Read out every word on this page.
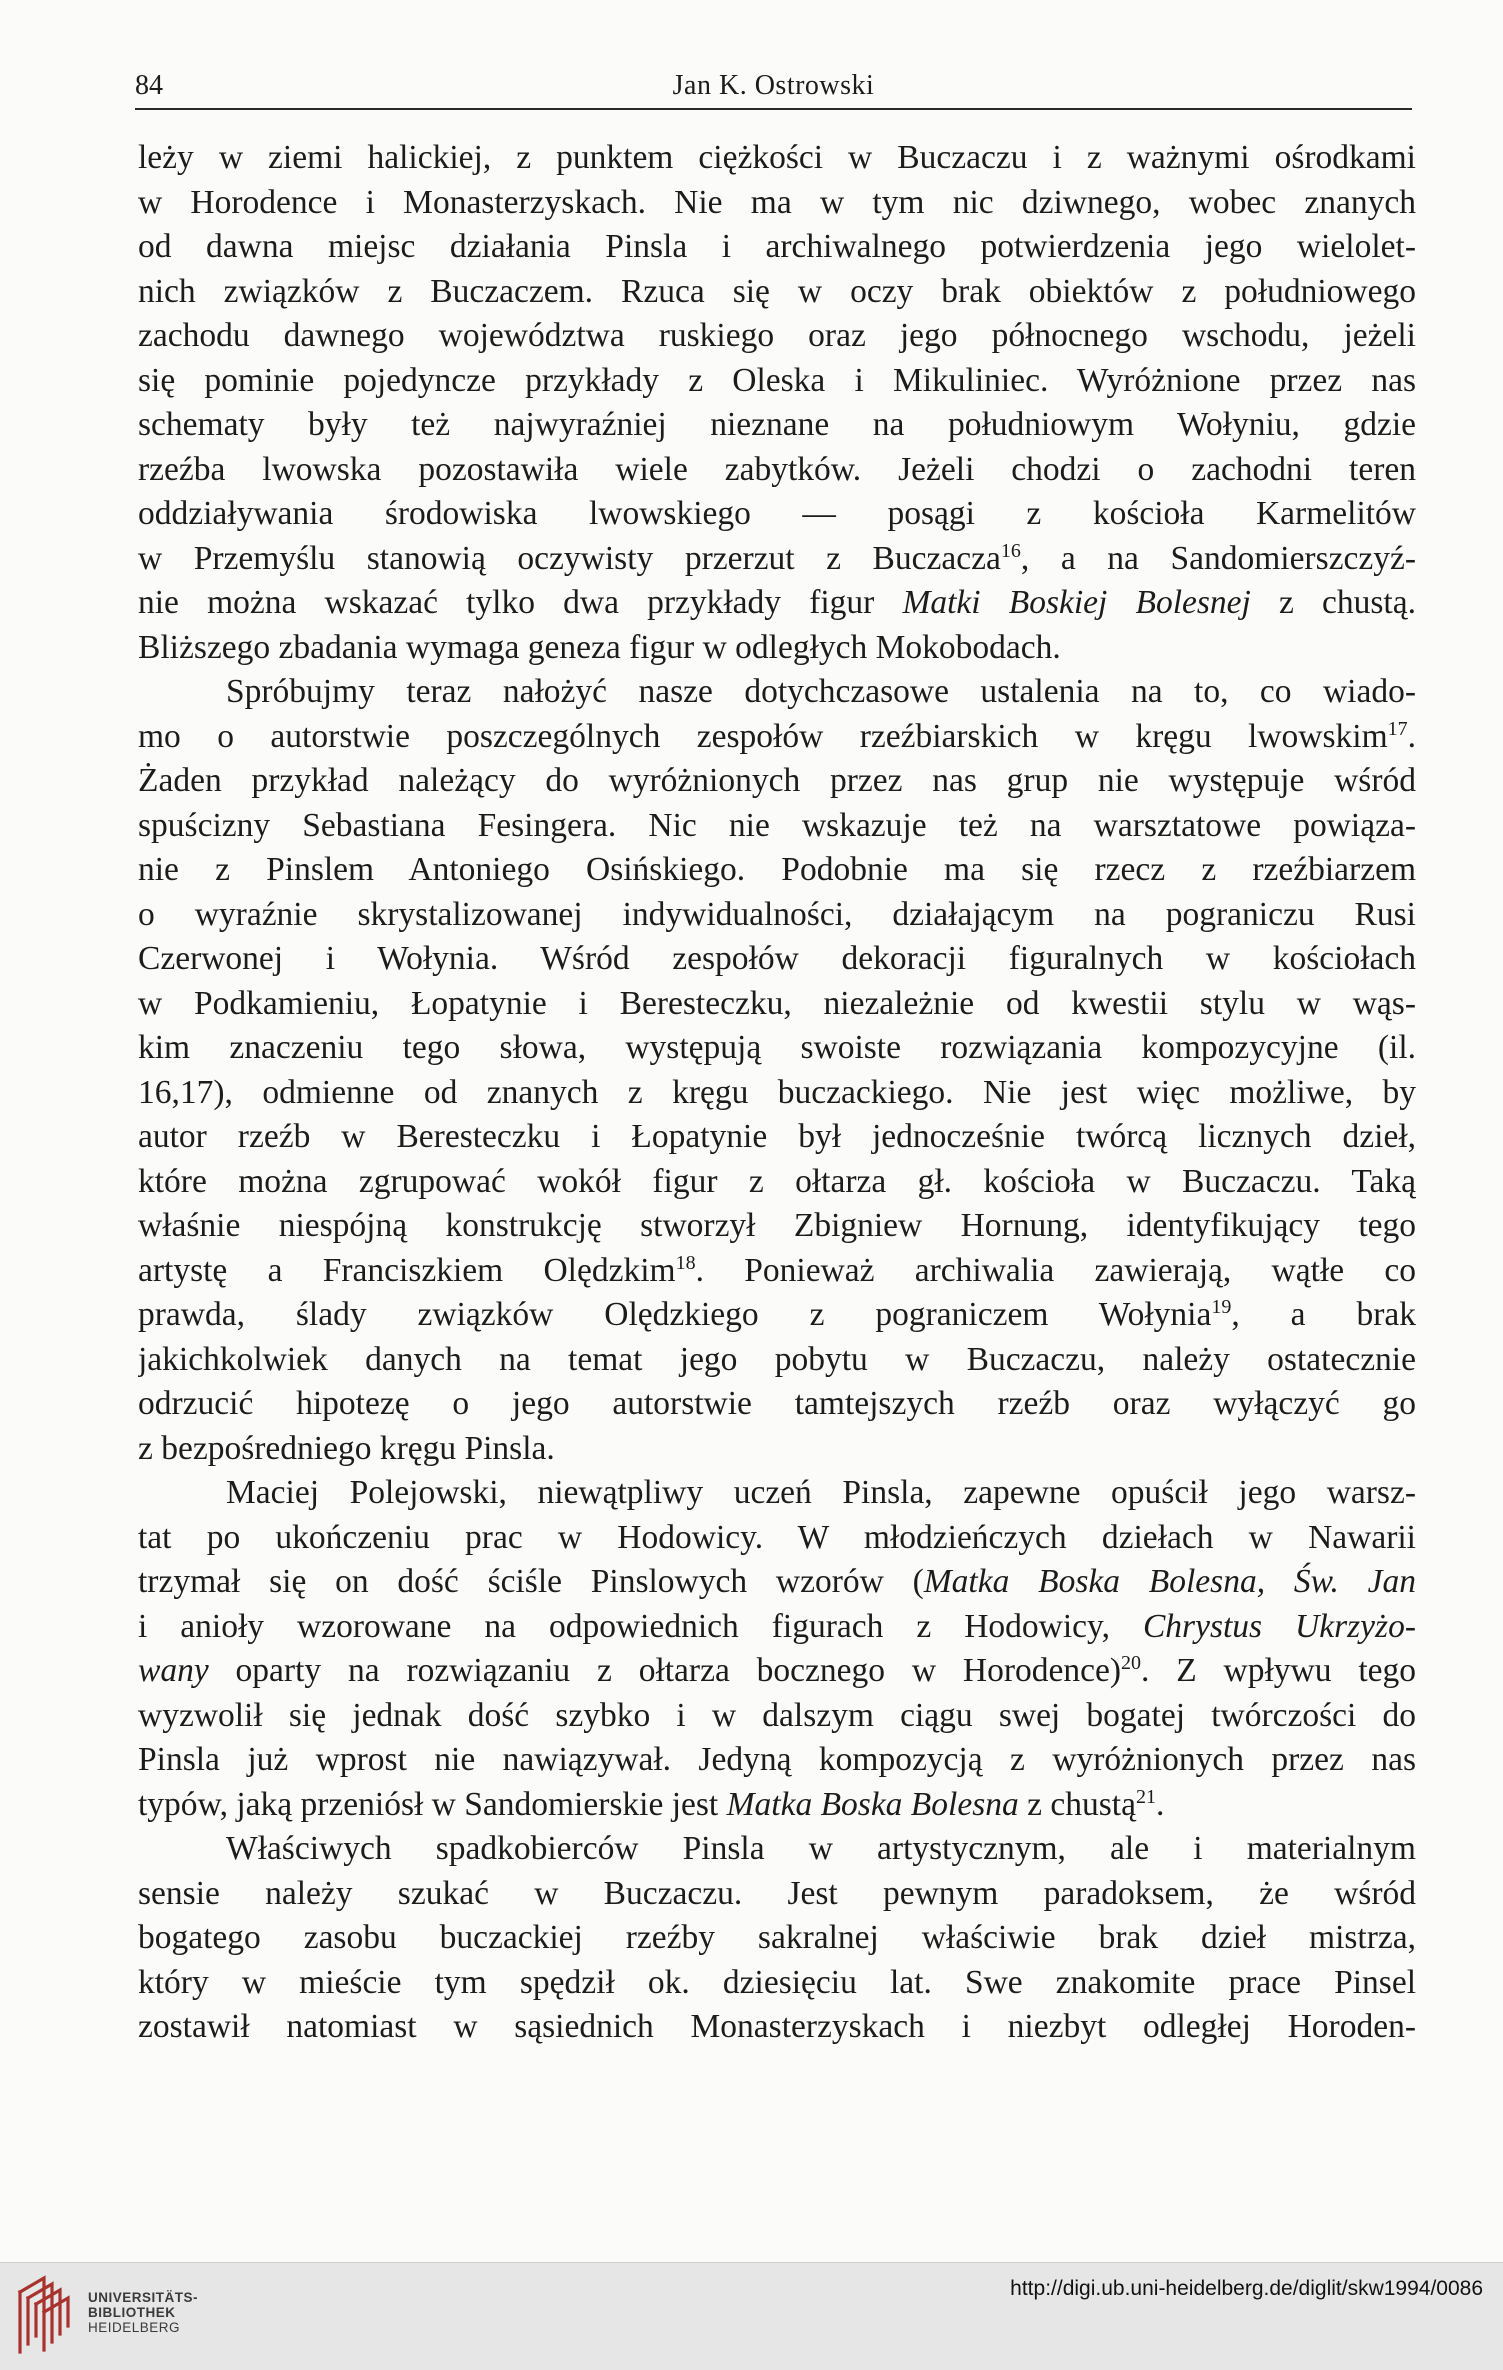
84	Jan K. Ostrowski
leży w ziemi halickiej, z punktem ciężkości w Buczaczu i z ważnymi ośrodkami
w Horodence i Monasterzyskach. Nie ma w tym nic dziwnego, wobec znanych
od dawna miejsc działania Pinsla i archiwalnego potwierdzenia jego wielolet-
nich związków z Buczaczem. Rzuca się w oczy brak obiektów z południowego
zachodu dawnego województwa ruskiego oraz jego północnego wschodu, jeżeli
się pominie pojedyncze przykłady z Oleska i Mikuliniec. Wyróżnione przez nas
schematy były też najwyraźniej nieznane na południowym Wołyniu, gdzie
rzeźba lwowska pozostawiła wiele zabytków. Jeżeli chodzi o zachodni teren
oddziaływania środowiska lwowskiego — posągi z kościoła Karmelitów
w Przemyślu stanowią oczywisty przerzut z Buczacza$^{16}$, a na Sandomierszczyź-
nie można wskazać tylko dwa przykłady figur Matki Boskiej Bolesnej z chustą.
Bliższego zbadania wymaga geneza figur w odległych Mokobodach.
Spróbujmy teraz nałożyć nasze dotychczasowe ustalenia na to, co wiado-
mo o autorstwie poszczególnych zespołów rzeźbiarskich w kręgu lwowskim$^{17}$.
Żaden przykład należący do wyróżnionych przez nas grup nie występuje wśród
spuścizny Sebastiana Fesingera. Nic nie wskazuje też na warsztatowe powiąza-
nie z Pinslem Antoniego Osińskiego. Podobnie ma się rzecz z rzeźbiarzem
o wyraźnie skrystalizowanej indywidualności, działającym na pograniczu Rusi
Czerwonej i Wołynia. Wśród zespołów dekoracji figuralnych w kościołach
w Podkamieniu, Łopatynie i Beresteczku, niezależnie od kwestii stylu w wąs-
kim znaczeniu tego słowa, występują swoiste rozwiązania kompozycyjne (il.
16,17), odmienne od znanych z kręgu buczackiego. Nie jest więc możliwe, by
autor rzeźb w Beresteczku i Łopatynie był jednocześnie twórcą licznych dzieł,
które można zgrupować wokół figur z ołtarza gł. kościoła w Buczaczu. Taką
właśnie niespójną konstrukcję stworzył Zbigniew Hornung, identyfikujący tego
artystę a Franciszkiem Olędzkim$^{18}$. Ponieważ archiwalia zawierają, wątłe co
prawda, ślady związków Olędzkiego z pograniczem Wołynia$^{19}$, a brak
jakichkolwiek danych na temat jego pobytu w Buczaczu, należy ostatecznie
odrzucić hipotezę o jego autorstwie tamtejszych rzeźb oraz wyłączyć go
z bezpośredniego kręgu Pinsla.
Maciej Polejowski, niewątpliwy uczeń Pinsla, zapewne opuścił jego warsz-
tat po ukończeniu prac w Hodowicy. W młodzieńczych dziełach w Nawarii
trzymał się on dość ściśle Pinslowych wzorów (Matka Boska Bolesna, Św. Jan
i anioły wzorowane na odpowiednich figurach z Hodowicy, Chrystus Ukrzyżo-
wany oparty na rozwiązaniu z ołtarza bocznego w Horodence)$^{20}$. Z wpływu tego
wyzwolił się jednak dość szybko i w dalszym ciągu swej bogatej twórczości do
Pinsla już wprost nie nawiązywał. Jedyną kompozycją z wyróżnionych przez nas
typów, jaką przeniósł w Sandomierskie jest Matka Boska Bolesna z chustą$^{21}$.
Właściwych spadkobierców Pinsla w artystycznym, ale i materialnym
sensie należy szukać w Buczaczu. Jest pewnym paradoksem, że wśród
bogatego zasobu buczackiej rzeźby sakralnej właściwie brak dzieł mistrza,
który w mieście tym spędził ok. dziesięciu lat. Swe znakomite prace Pinsel
zostawił natomiast w sąsiednich Monasterzyskach i niezbyt odległej Horoden-
UNIVERSITÄTS-
BIBLIOTHEK
HEIDELBERG
http://digi.ub.uni-heidelberg.de/diglit/skw1994/0086
